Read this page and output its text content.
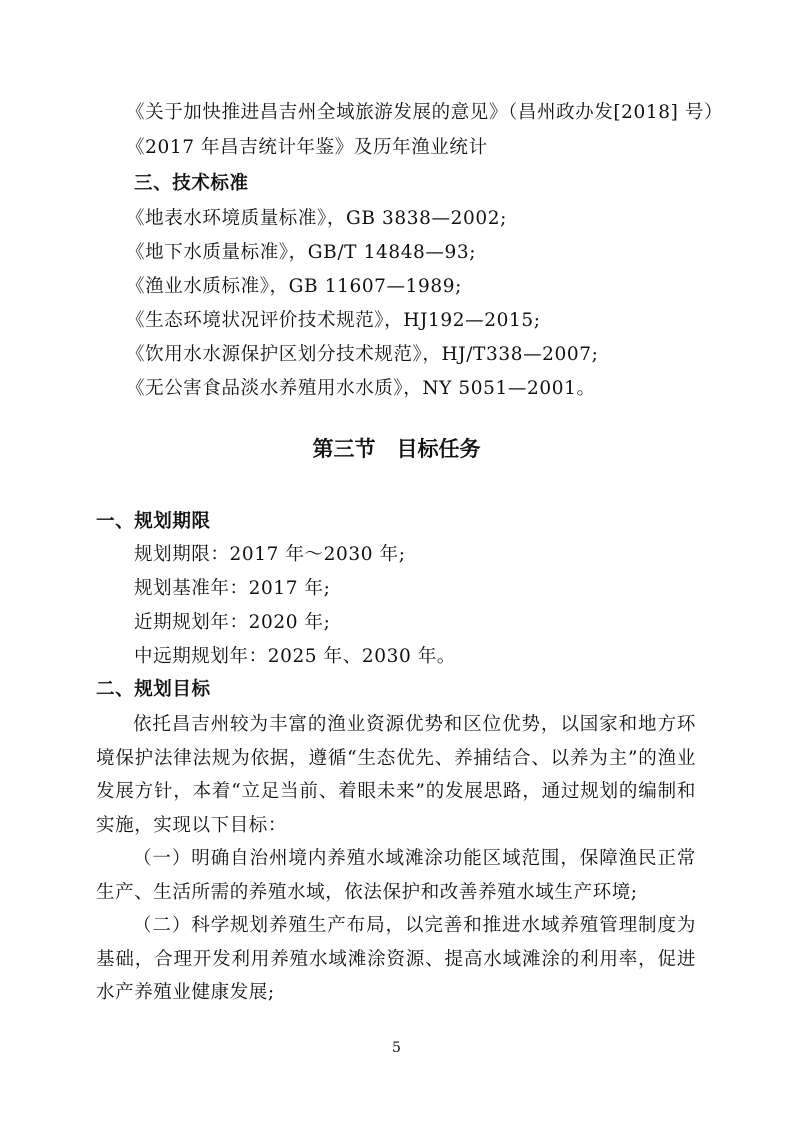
《关于加快推进昌吉州全域旅游发展的意见》（昌州政办发[2018] 号）
《2017 年昌吉统计年鉴》及历年渔业统计
三、技术标准
《地表水环境质量标准》，GB 3838—2002;
《地下水质量标准》，GB/T 14848—93;
《渔业水质标准》，GB 11607—1989;
《生态环境状况评价技术规范》，HJ192—2015;
《饮用水水源保护区划分技术规范》，HJ/T338—2007;
《无公害食品淡水养殖用水水质》，NY 5051—2001。
第三节　目标任务
一、规划期限
规划期限：2017 年～2030 年;
规划基准年：2017 年;
近期规划年：2020 年;
中远期规划年：2025 年、2030 年。
二、规划目标
依托昌吉州较为丰富的渔业资源优势和区位优势，以国家和地方环境保护法律法规为依据，遵循“生态优先、养捕结合、以养为主”的渔业发展方针，本着“立足当前、着眼未来”的发展思路，通过规划的编制和实施，实现以下目标：
（一）明确自治州境内养殖水域滩涂功能区域范围，保障渔民正常生产、生活所需的养殖水域，依法保护和改善养殖水域生产环境;
（二）科学规划养殖生产布局，以完善和推进水域养殖管理制度为基础，合理开发利用养殖水域滩涂资源、提高水域滩涂的利用率，促进水产养殖业健康发展;
5
